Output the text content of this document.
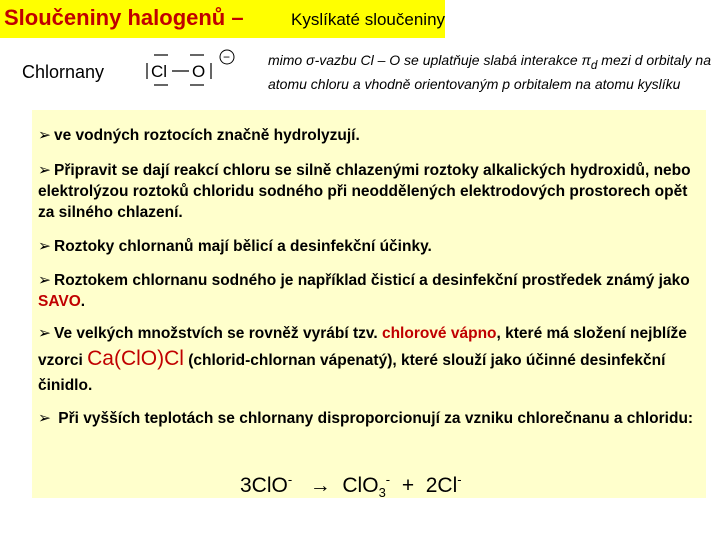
Sloučeniny halogenů –	Kyslíkaté sloučeniny
Chlornany	Cl O
−	mimo σ-vazbu Cl – O se uplatňuje slabá interakce $\pi_d$ mezi d orbitaly na atomu chloru a vhodně orientovaným p orbitalem na atomu kyslíku
➢ ve vodných roztocích značně hydrolyzují.
➢ Připravit se dají reakcí chloru se silně chlazenými roztoky alkalických hydroxidů, nebo elektrolýzou roztoků chloridu sodného při neoddělených elektrodových prostorech opět za silného chlazení.
➢ Roztoky chlornanů mají bělicí a desinfekční účinky.
➢ Roztokem chlornanu sodného je například čisticí a desinfekční prostředek známý jako SAVO.
➢ Ve velkých množstvích se rovněž vyrábí tzv. chlorové vápno, které má složení nejblíže vzorci Ca(ClO)Cl (chlorid-chlornan vápenatý), které slouží jako účinné desinfekční činidlo.
➢ Při vyšších teplotách se chlornany disproporcionují za vzniku chlorečnanu a chloridu:
3ClO- → ClO$_3$- + 2Cl-
